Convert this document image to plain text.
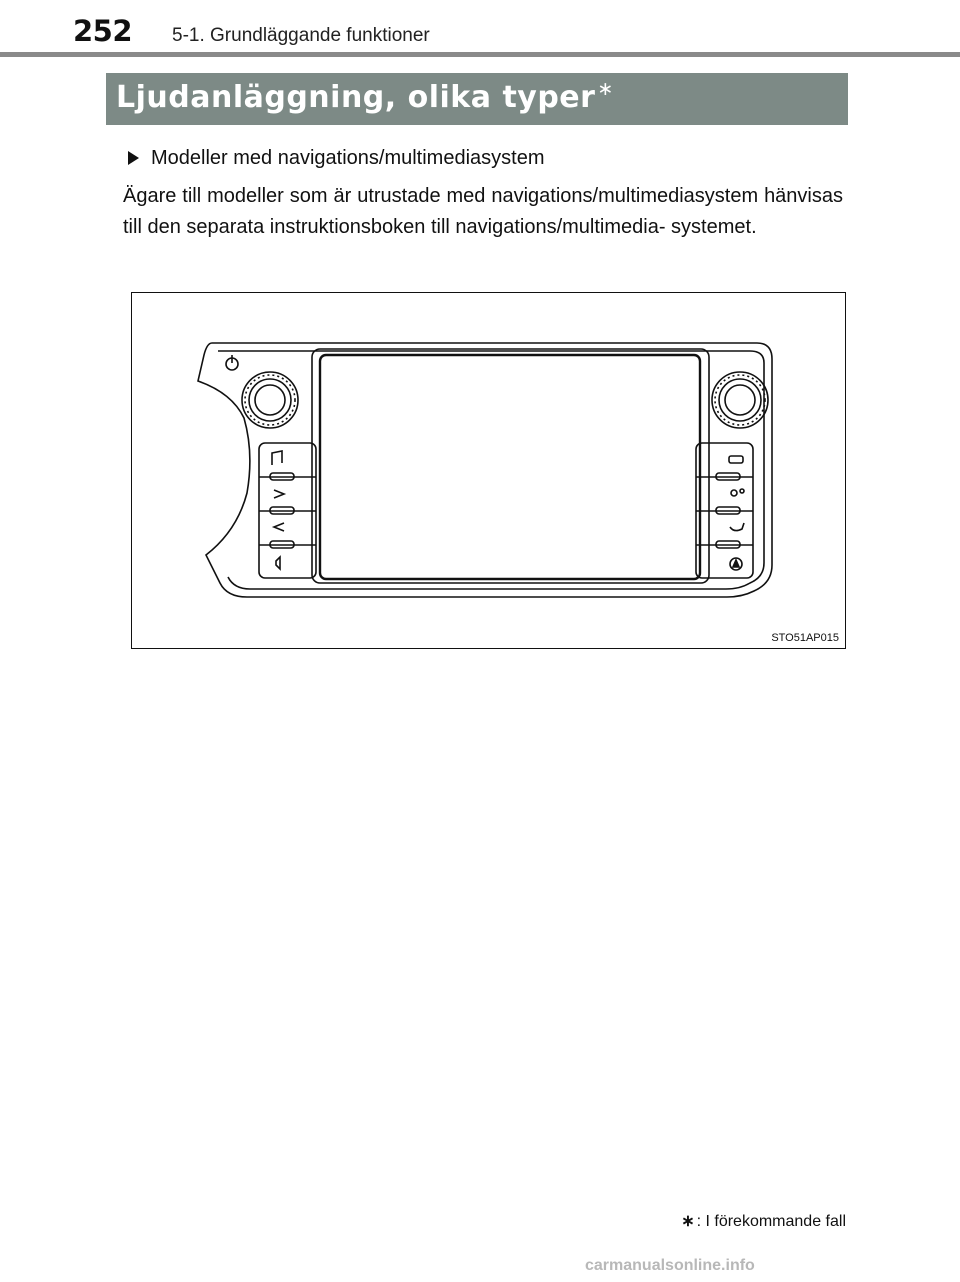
252 5-1. Grundläggande funktioner
Ljudanläggning, olika typer ∗
Modeller med navigations/multimediasystem
Ägare till modeller som är utrustade med navigations/multimediasystem hänvisas till den separata instruktionsboken till navigations/multimedia- systemet.
STO51AP015
∗ : I förekommande fall
carmanualsonline.info
